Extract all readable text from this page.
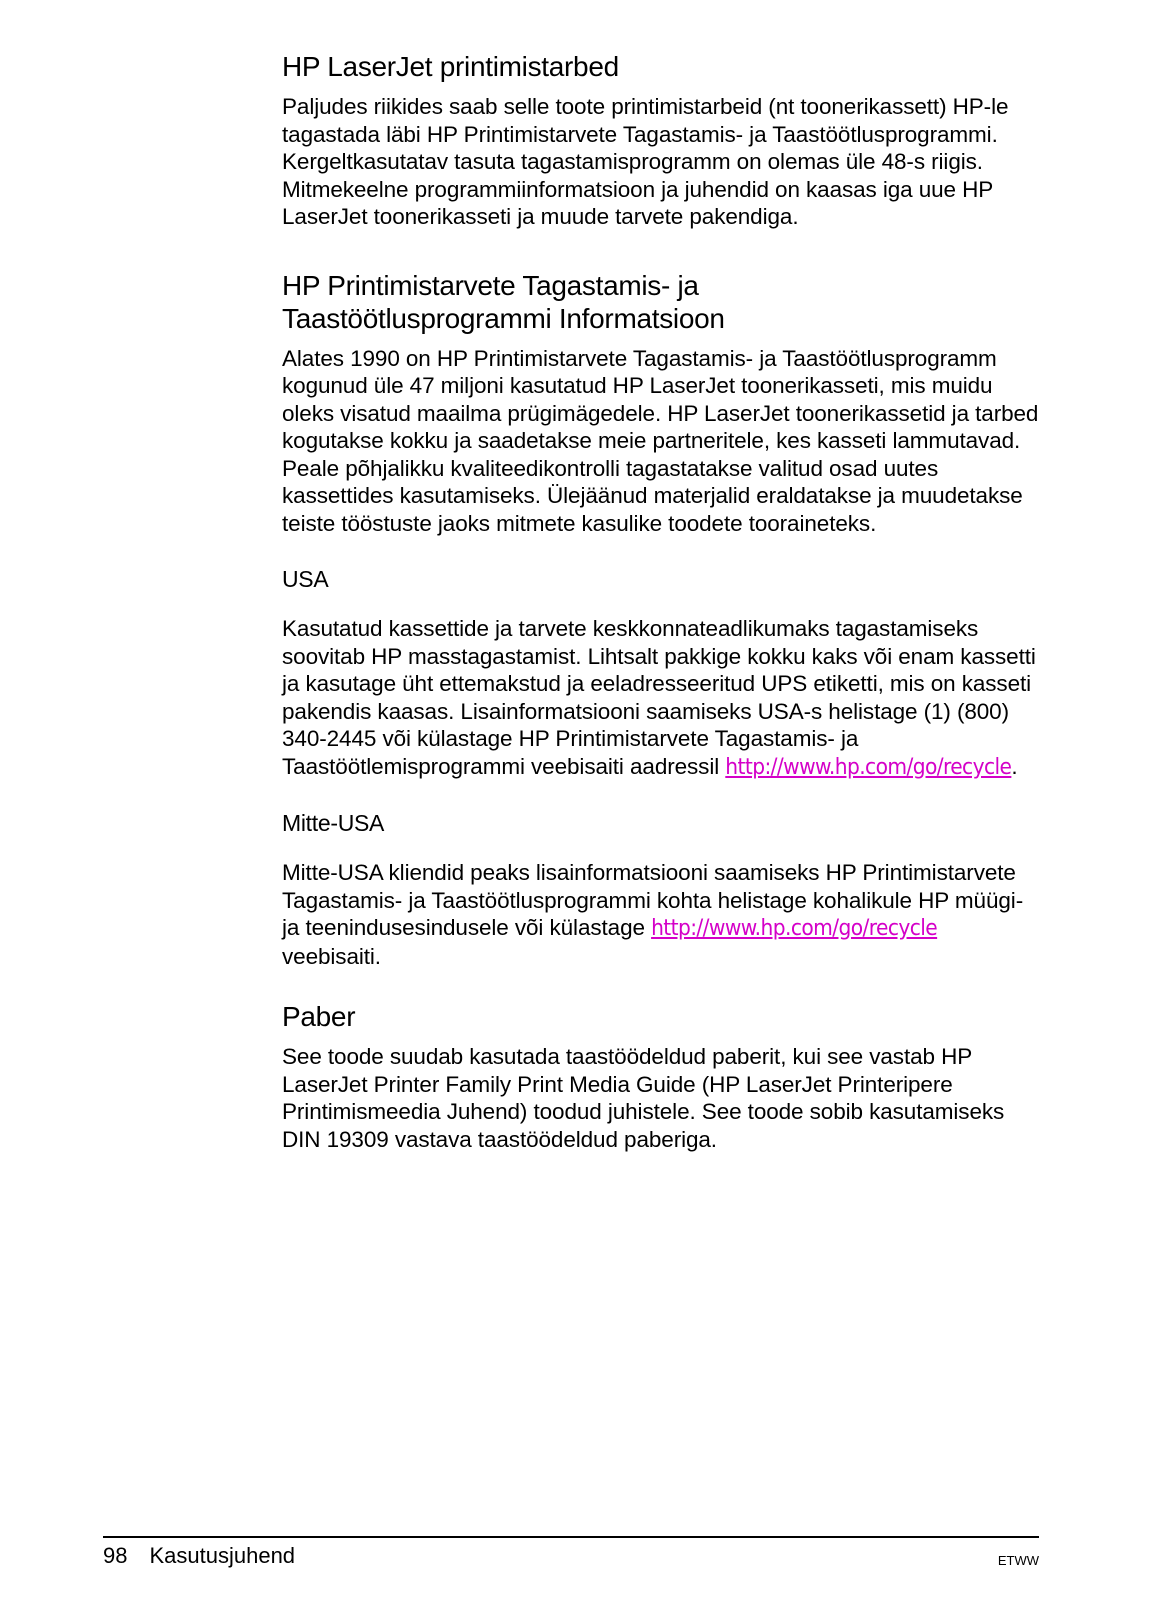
HP LaserJet printimistarbed

Paljudes riikides saab selle toote printimistarbeid (nt toonerikassett) HP-le tagastada läbi HP Printimistarvete Tagastamis- ja Taastöötlusprogrammi. Kergeltkasutatav tasuta tagastamisprogramm on olemas üle 48-s riigis. Mitmekeelne programmiinformatsioon ja juhendid on kaasas iga uue HP LaserJet toonerikasseti ja muude tarvete pakendiga.

HP Printimistarvete Tagastamis- ja
Taastöötlusprogrammi Informatsioon

Alates 1990 on HP Printimistarvete Tagastamis- ja Taastöötlusprogramm kogunud üle 47 miljoni kasutatud HP LaserJet toonerikasseti, mis muidu oleks visatud maailma prügimägedele. HP LaserJet toonerikassetid ja tarbed kogutakse kokku ja saadetakse meie partneritele, kes kasseti lammutavad. Peale põhjalikku kvaliteedikontrolli tagastatakse valitud osad uutes kassettides kasutamiseks. Ülejäänud materjalid eraldatakse ja muudetakse teiste tööstuste jaoks mitmete kasulike toodete tooraineteks.

USA

Kasutatud kassettide ja tarvete keskkonnateadlikumaks tagastamiseks soovitab HP masstagastamist. Lihtsalt pakkige kokku kaks või enam kassetti ja kasutage üht ettemakstud ja eeladresseeritud UPS etiketti, mis on kasseti pakendis kaasas. Lisainformatsiooni saamiseks USA-s helistage (1) (800) 340-2445 või külastage HP Printimistarvete Tagastamis- ja Taastöötlemisprogrammi veebisaiti aadressil http://www.hp.com/go/recycle.

Mitte-USA

Mitte-USA kliendid peaks lisainformatsiooni saamiseks HP Printimistarvete Tagastamis- ja Taastöötlusprogrammi kohta helistage kohalikule HP müügi- ja teenindusesindusele või külastage http://www.hp.com/go/recycle veebisaiti.

Paber

See toode suudab kasutada taastöödeldud paberit, kui see vastab HP LaserJet Printer Family Print Media Guide (HP LaserJet Printeripere Printimismeedia Juhend) toodud juhistele. See toode sobib kasutamiseks DIN 19309 vastava taastöödeldud paberiga.

98 Kasutusjuhend	ETWW
